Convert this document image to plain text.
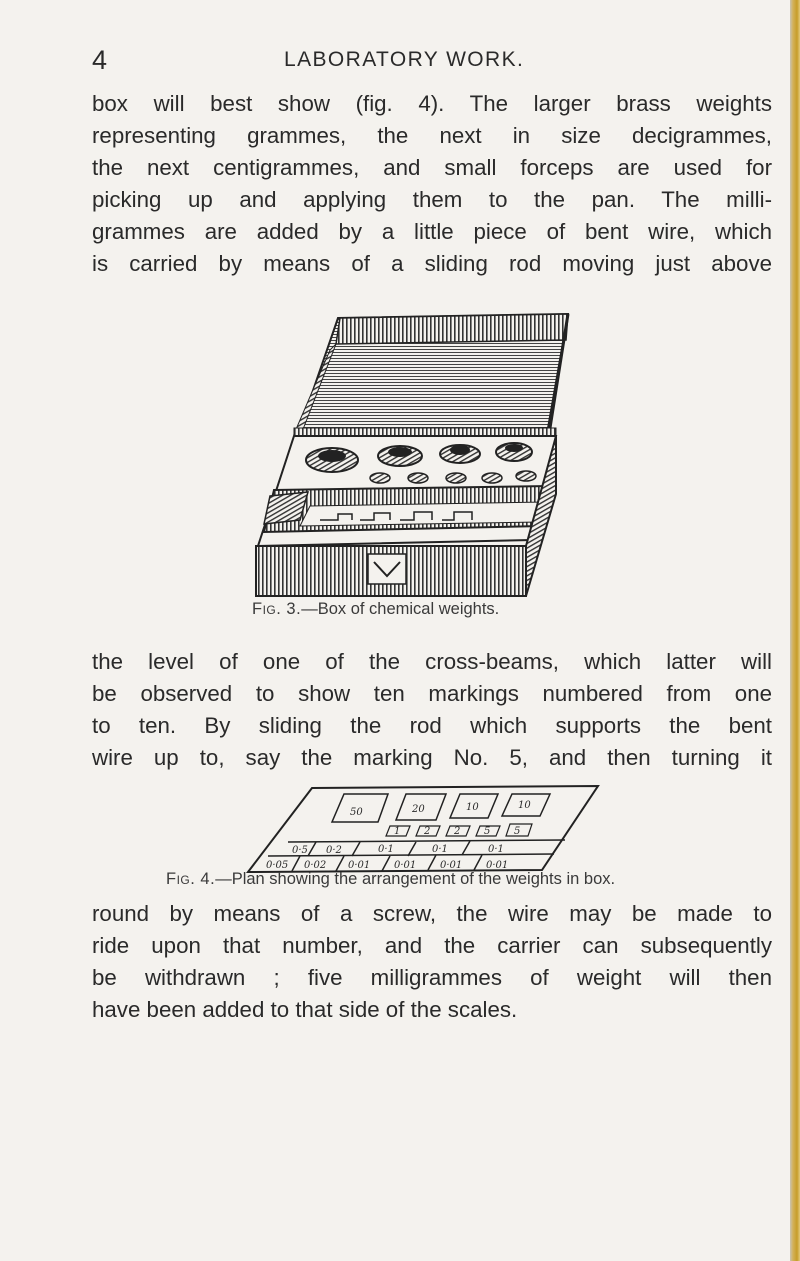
4	LABORATORY WORK.
box will best show (fig. 4). The larger brass weights
representing grammes, the next in size decigrammes,
the next centigrammes, and small forceps are used for
picking up and applying them to the pan. The milli-
grammes are added by a little piece of bent wire, which
is carried by means of a sliding rod moving just above
Fig. 3.—Box of chemical weights.
the level of one of the cross-beams, which latter will
be observed to show ten markings numbered from one
to ten. By sliding the rod which supports the bent
wire up to, say the marking No. 5, and then turning it
50	20	10	10
1 2 2 5 5
0·5 0·2	0·1	0·1	0·1
0·05 0·02 0·01 0·01 0·01 0·01
Fig. 4.—Plan showing the arrangement of the weights in box.
round by means of a screw, the wire may be made to
ride upon that number, and the carrier can subsequently
be withdrawn ; five milligrammes of weight will then
have been added to that side of the scales.
